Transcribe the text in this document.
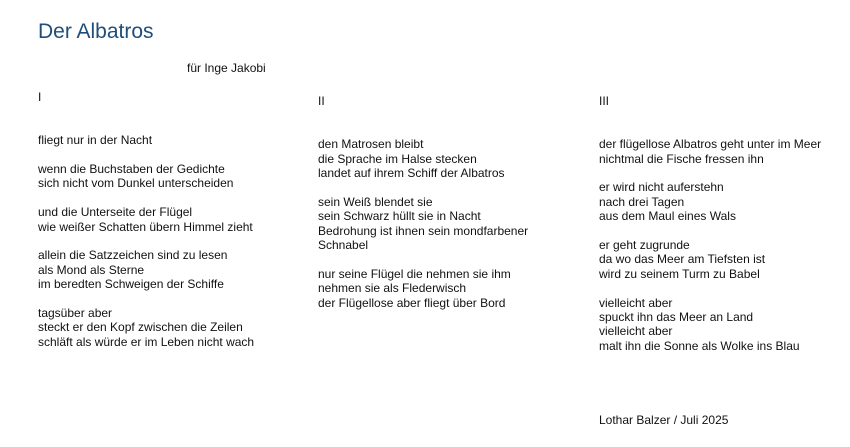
Der Albatros
für Inge Jakobi
I
fliegt nur in der Nacht
wenn die Buchstaben der Gedichte
sich nicht vom Dunkel unterscheiden
und die Unterseite der Flügel
wie weißer Schatten übern Himmel zieht
allein die Satzzeichen sind zu lesen
als Mond als Sterne
im beredten Schweigen der Schiffe
tagsüber aber
steckt er den Kopf zwischen die Zeilen
schläft als würde er im Leben nicht wach
II
den Matrosen bleibt
die Sprache im Halse stecken
landet auf ihrem Schiff der Albatros
sein Weiß blendet sie
sein Schwarz hüllt sie in Nacht
Bedrohung ist ihnen sein mondfarbener
Schnabel
nur seine Flügel die nehmen sie ihm
nehmen sie als Flederwisch
der Flügellose aber fliegt über Bord
III
der flügellose Albatros geht unter im Meer
nichtmal die Fische fressen ihn
er wird nicht auferstehn
nach drei Tagen
aus dem Maul eines Wals
er geht zugrunde
da wo das Meer am Tiefsten ist
wird zu seinem Turm zu Babel
vielleicht aber
spuckt ihn das Meer an Land
vielleicht aber
malt ihn die Sonne als Wolke ins Blau
Lothar Balzer / Juli 2025
